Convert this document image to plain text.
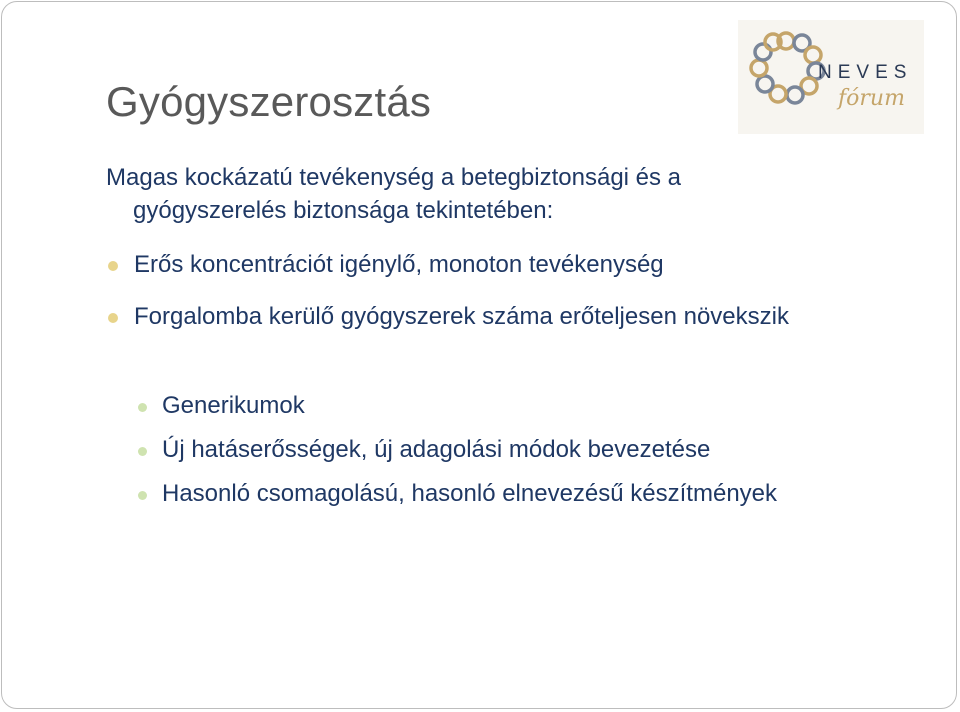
Gyógyszerosztás
Magas kockázatú tevékenység a betegbiztonsági és a
gyógyszerelés biztonsága tekintetében:
Erős koncentrációt igénylő, monoton tevékenység
Forgalomba kerülő gyógyszerek száma erőteljesen növekszik
Generikumok
Új hatáserősségek, új adagolási módok bevezetése
Hasonló csomagolású, hasonló elnevezésű készítmények
NEVES
fórum
